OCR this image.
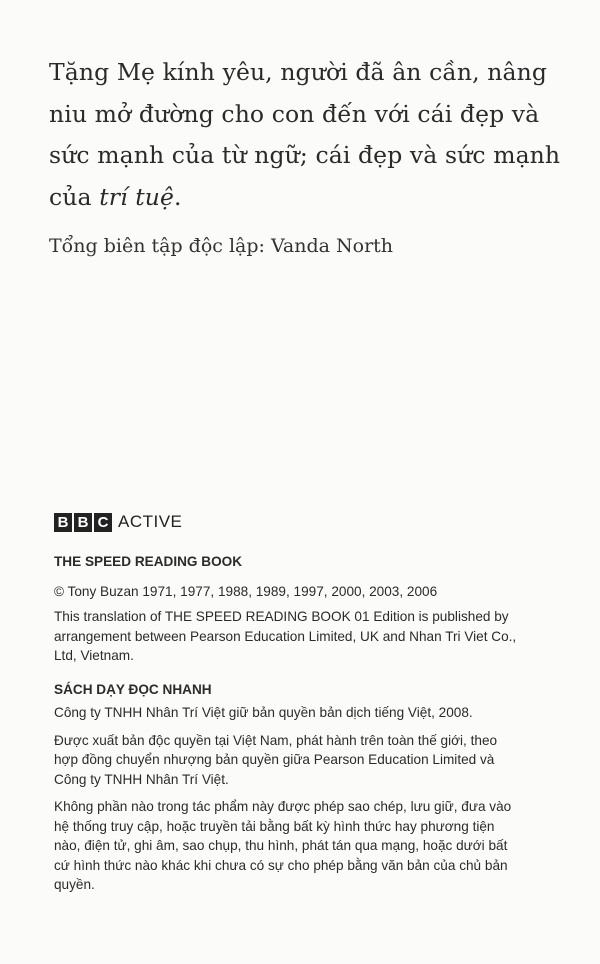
Tặng Mẹ kính yêu, người đã ân cần, nâng
niu mở đường cho con đến với cái đẹp và
sức mạnh của từ ngữ; cái đẹp và sức mạnh
của trí tuệ.
Tổng biên tập độc lập: Vanda North
B B C ACTIVE

THE SPEED READING BOOK

© Tony Buzan 1971, 1977, 1988, 1989, 1997, 2000, 2003, 2006

This translation of THE SPEED READING BOOK 01 Edition is published by
arrangement between Pearson Education Limited, UK and Nhan Tri Viet Co.,
Ltd, Vietnam.

SÁCH DẠY ĐỌC NHANH

Công ty TNHH Nhân Trí Việt giữ bản quyền bản dịch tiếng Việt, 2008.

Được xuất bản độc quyền tại Việt Nam, phát hành trên toàn thế giới, theo
hợp đồng chuyển nhượng bản quyền giữa Pearson Education Limited và
Công ty TNHH Nhân Trí Việt.

Không phần nào trong tác phẩm này được phép sao chép, lưu giữ, đưa vào
hệ thống truy cập, hoặc truyền tải bằng bất kỳ hình thức hay phương tiện
nào, điện tử, ghi âm, sao chụp, thu hình, phát tán qua mạng, hoặc dưới bất
cứ hình thức nào khác khi chưa có sự cho phép bằng văn bản của chủ bản
quyền.
